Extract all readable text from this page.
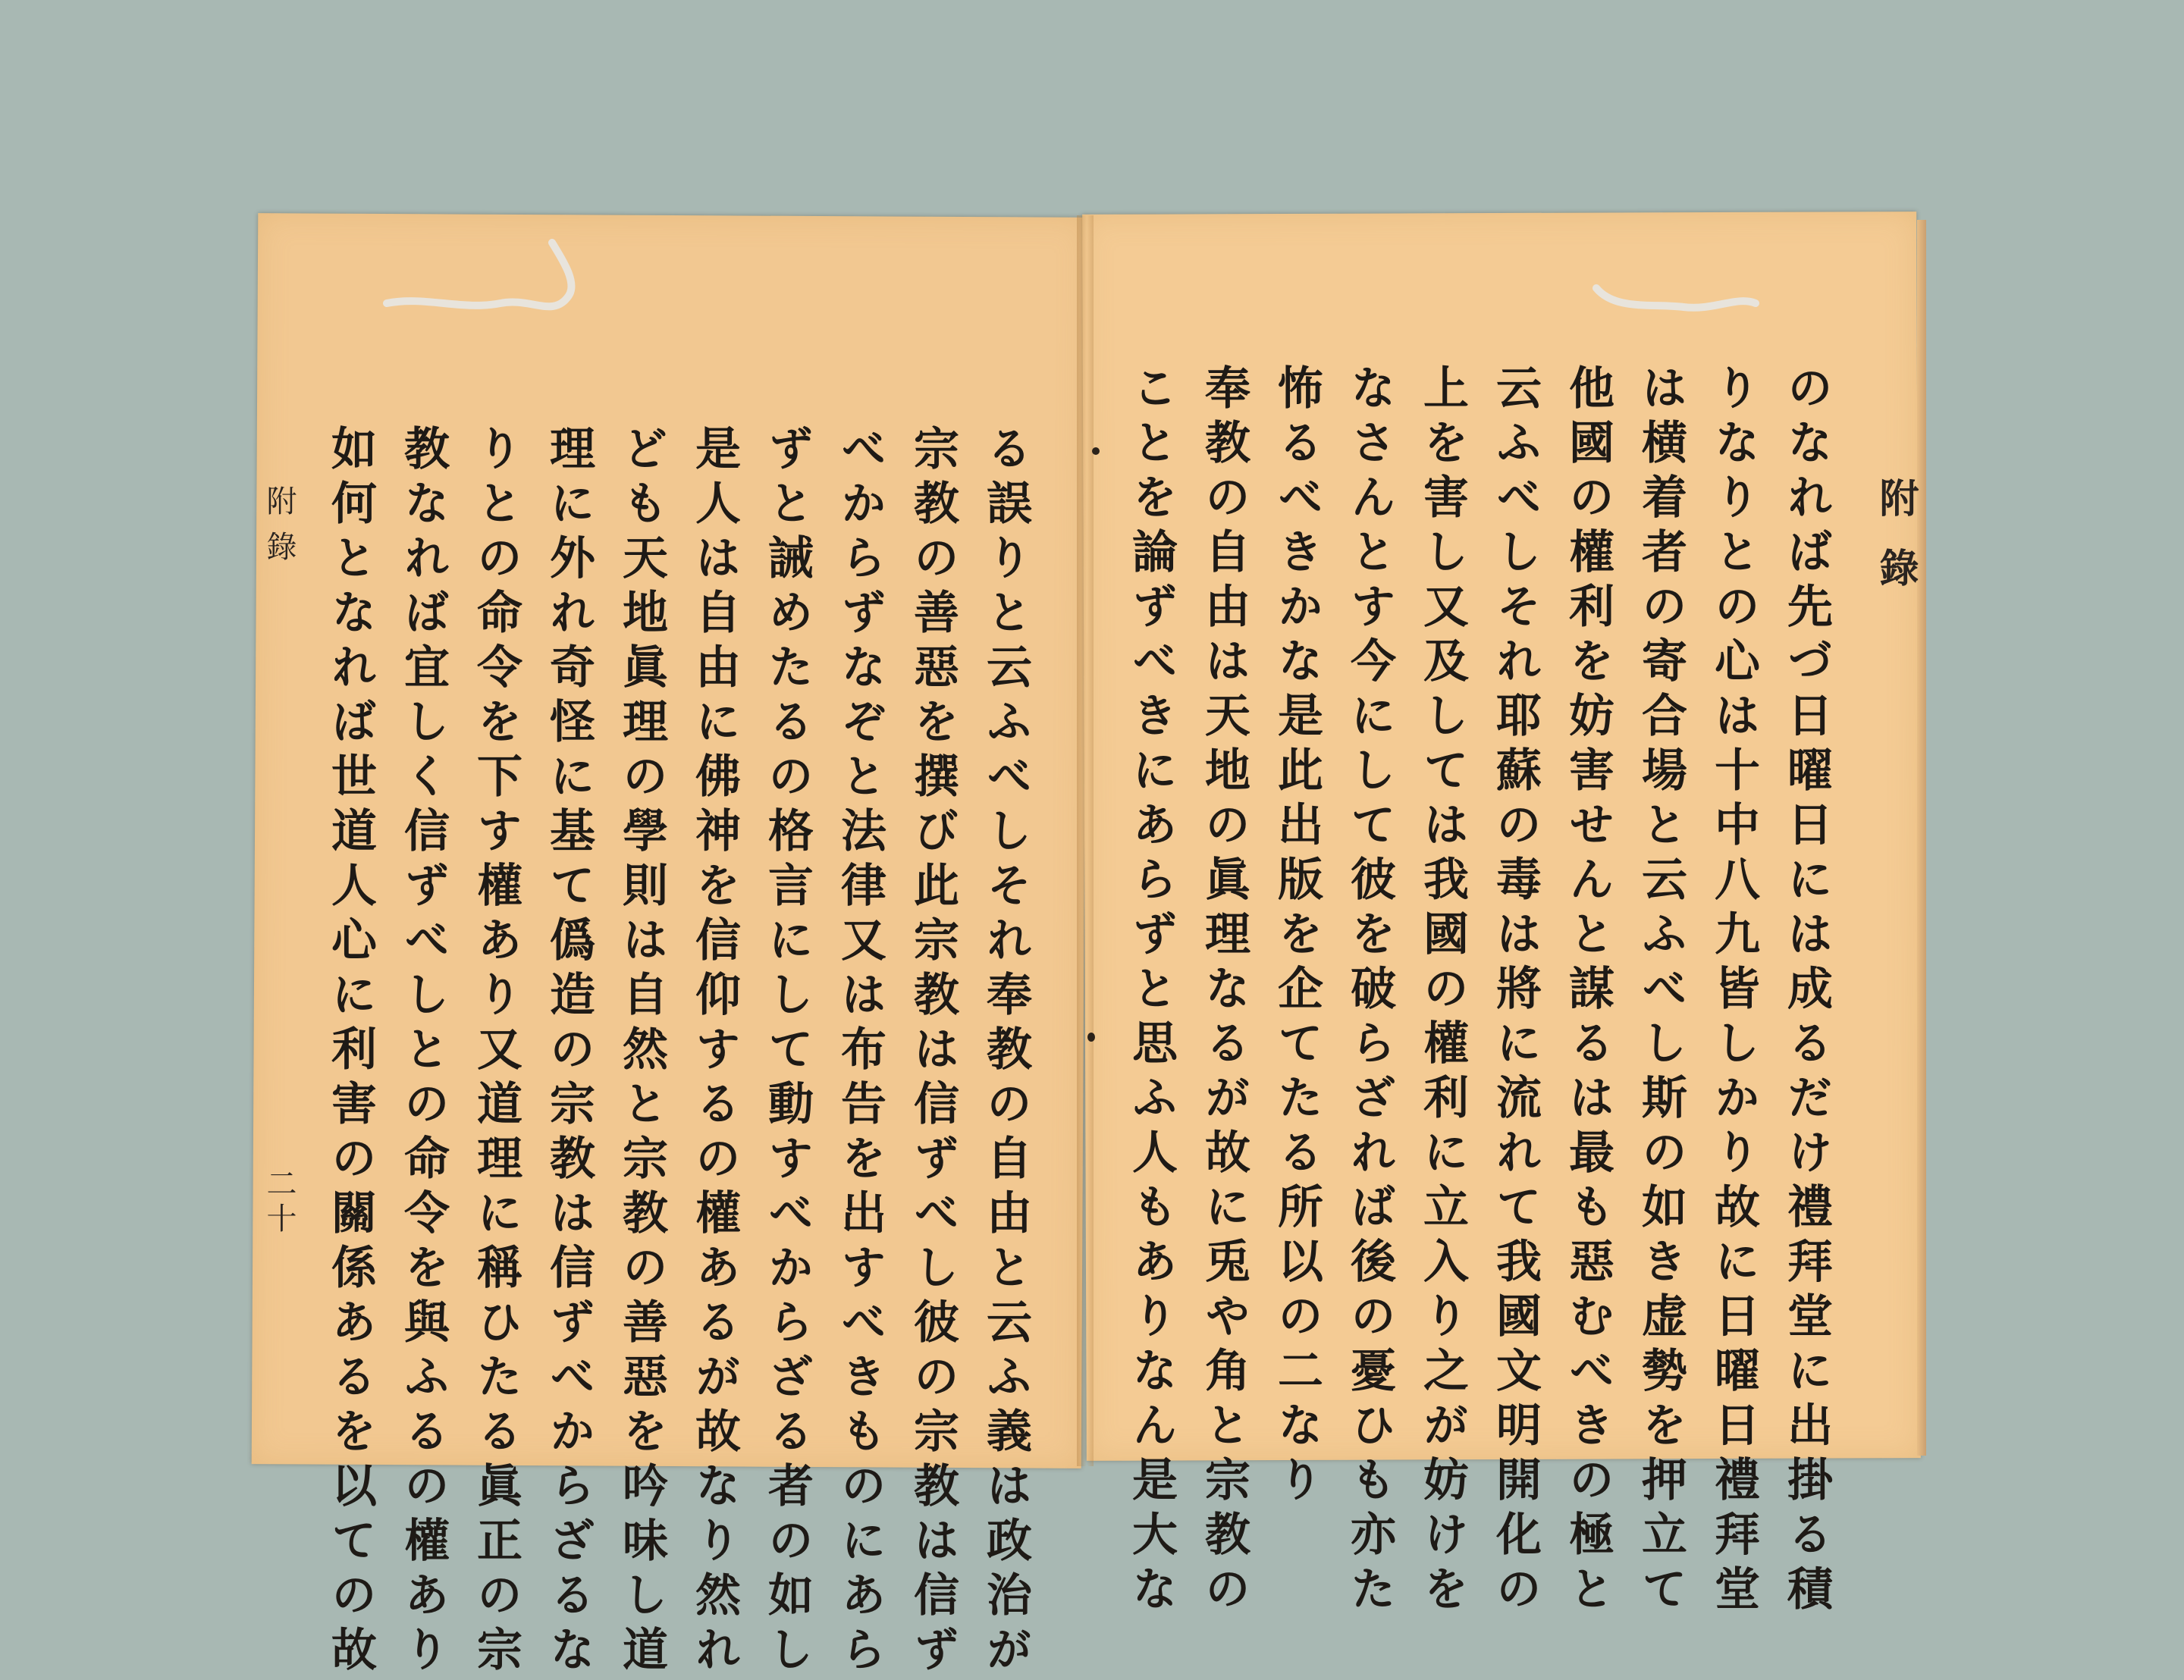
附錄
のなれば先づ日曜日には成るだけ禮拜堂に出掛る積
りなりとの心は十中八九皆しかり故に日曜日禮拜堂
は横着者の寄合場と云ふべし斯の如き虚勢を押立て
他國の權利を妨害せんと謀るは最も惡むべきの極と
云ふべしそれ耶蘇の毒は將に流れて我國文明開化の
上を害し又及しては我國の權利に立入り之が妨けを
なさんとす今にして彼を破らざれば後の憂ひも亦た
怖るべきかな是此出版を企てたる所以の二なり
奉教の自由は天地の眞理なるが故に兎や角と宗教の
ことを論ずべきにあらずと思ふ人もありなん是大な
る誤りと云ふべしそれ奉教の自由と云ふ義は政治が
宗教の善惡を撰び此宗教は信ずべし彼の宗教は信ず
べからずなぞと法律又は布告を出すべきものにあら
ずと誡めたるの格言にして動すべからざる者の如し
是人は自由に佛神を信仰するの權あるが故なり然れ
ども天地眞理の學則は自然と宗教の善惡を吟味し道
理に外れ奇怪に基て僞造の宗教は信ずべからざるな
りとの命令を下す權あり又道理に稱ひたる眞正の宗
教なれば宜しく信ずべしとの命令を與ふるの權あり
如何となれば世道人心に利害の關係あるを以ての故
附錄
二十
